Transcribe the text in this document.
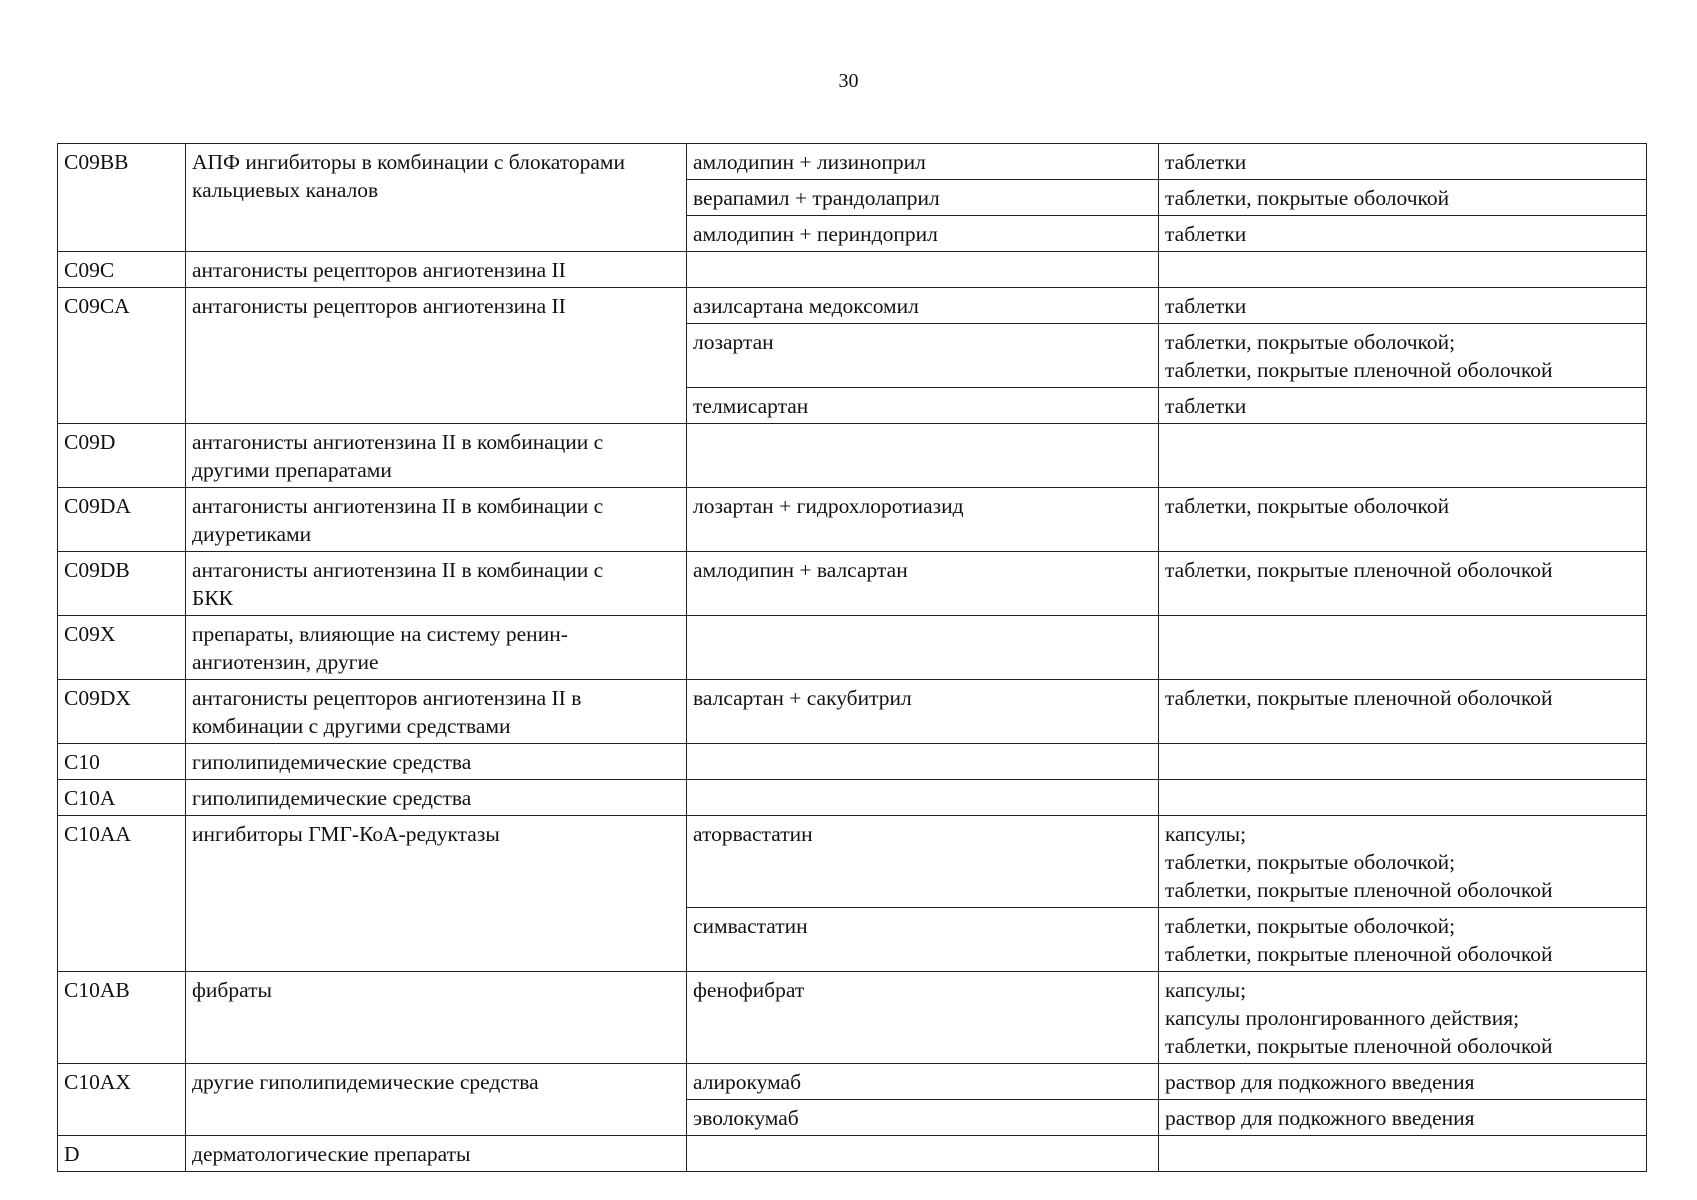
30
C09BB	АПФ ингибиторы в комбинации с блокаторами кальциевых каналов	амлодипин + лизиноприл	таблетки
		верапамил + трандолаприл	таблетки, покрытые оболочкой
		амлодипин + периндоприл	таблетки
C09C	антагонисты рецепторов ангиотензина II		
C09CA	антагонисты рецепторов ангиотензина II	азилсартана медоксомил	таблетки
		лозартан	таблетки, покрытые оболочкой;
таблетки, покрытые пленочной оболочкой
		телмисартан	таблетки
C09D	антагонисты ангиотензина II в комбинации с
другими препаратами		
C09DA	антагонисты ангиотензина II в комбинации с
диуретиками	лозартан + гидрохлоротиазид	таблетки, покрытые оболочкой
C09DB	антагонисты ангиотензина II в комбинации с
БКК	амлодипин + валсартан	таблетки, покрытые пленочной оболочкой
C09X	препараты, влияющие на систему ренин-
ангиотензин, другие		
C09DX	антагонисты рецепторов ангиотензина II в
комбинации с другими средствами	валсартан + сакубитрил	таблетки, покрытые пленочной оболочкой
C10	гиполипидемические средства		
C10A	гиполипидемические средства		
C10AA	ингибиторы ГМГ-КоА-редуктазы	аторвастатин	капсулы;
таблетки, покрытые оболочкой;
таблетки, покрытые пленочной оболочкой
		симвастатин	таблетки, покрытые оболочкой;
таблетки, покрытые пленочной оболочкой
C10AB	фибраты	фенофибрат	капсулы;
капсулы пролонгированного действия;
таблетки, покрытые пленочной оболочкой
C10AX	другие гиполипидемические средства	алирокумаб	раствор для подкожного введения
		эволокумаб	раствор для подкожного введения
D	дерматологические препараты		
